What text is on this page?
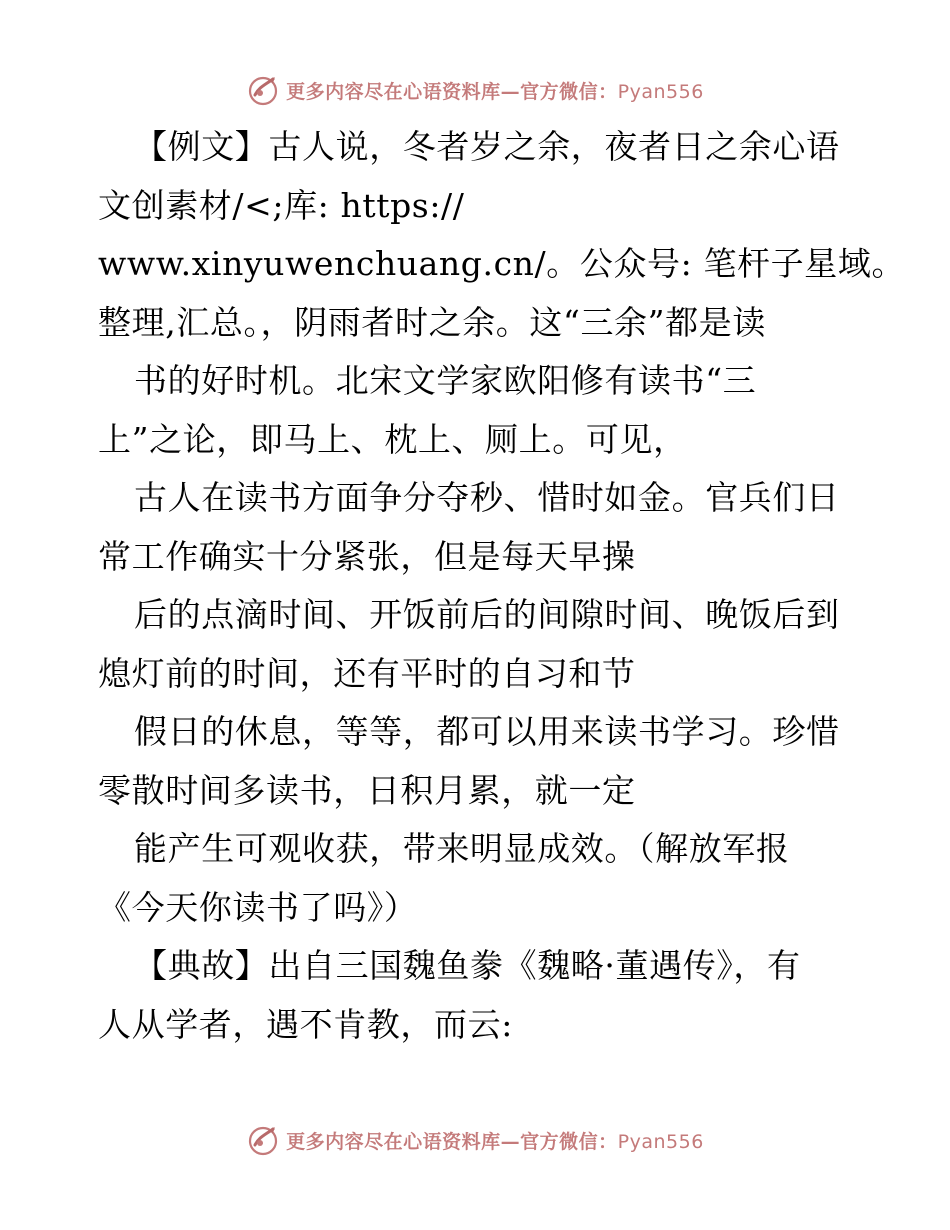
更多内容尽在心语资料库—官方微信：Pyan556
【例文】古人说，冬者岁之余，夜者日之余心语
文创素材/<;库: https://
www.xinyuwenchuang.cn/。公众号: 笔杆子星域。
整理,汇总。，阴雨者时之余。这“三余”都是读
书的好时机。北宋文学家欧阳修有读书“三
上”之论，即马上、枕上、厕上。可见，
古人在读书方面争分夺秒、惜时如金。官兵们日
常工作确实十分紧张，但是每天早操
后的点滴时间、开饭前后的间隙时间、晚饭后到
熄灯前的时间，还有平时的自习和节
假日的休息，等等，都可以用来读书学习。珍惜
零散时间多读书，日积月累，就一定
能产生可观收获，带来明显成效。（解放军报
《今天你读书了吗》）
【典故】出自三国魏鱼豢《魏略·董遇传》，有
人从学者，遇不肯教，而云:
更多内容尽在心语资料库—官方微信：Pyan556
